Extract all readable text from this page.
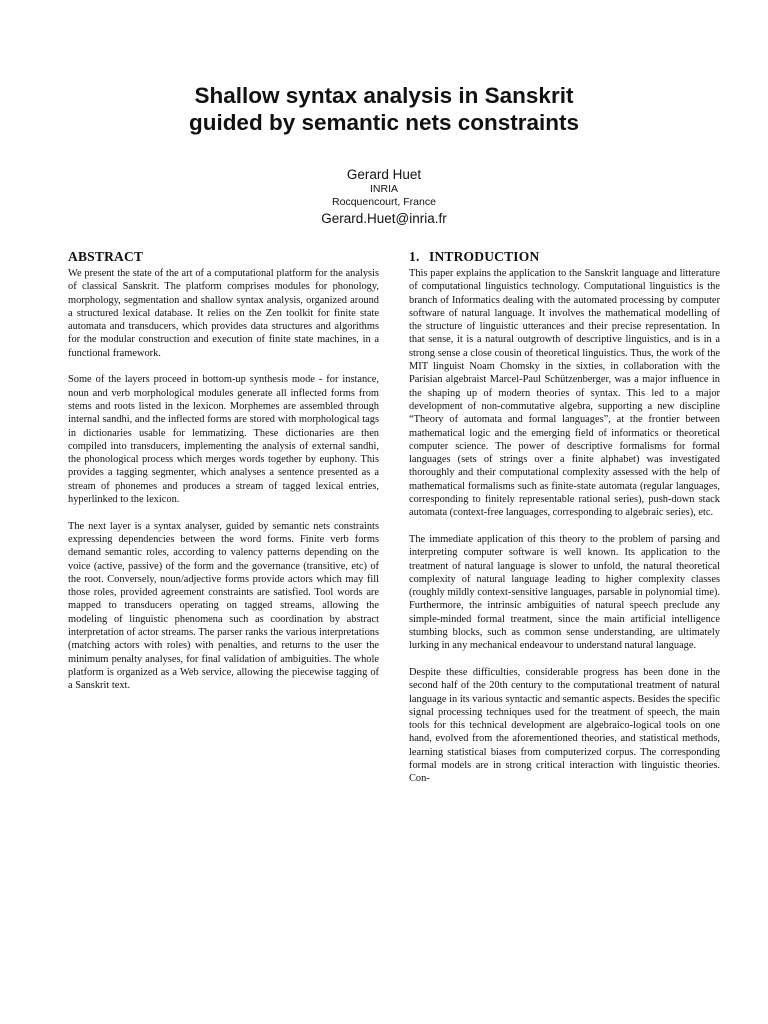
Shallow syntax analysis in Sanskrit
guided by semantic nets constraints
Gerard Huet
INRIA
Rocquencourt, France
Gerard.Huet@inria.fr
ABSTRACT

We present the state of the art of a computational platform for the analysis of classical Sanskrit. The platform comprises modules for phonology, morphology, segmentation and shallow syntax analysis, organized around a structured lexical database. It relies on the Zen toolkit for finite state automata and transducers, which provides data structures and algorithms for the modular construction and execution of finite state machines, in a functional framework.

Some of the layers proceed in bottom-up synthesis mode - for instance, noun and verb morphological modules generate all inflected forms from stems and roots listed in the lexicon. Morphemes are assembled through internal sandhi, and the inflected forms are stored with morphological tags in dictionaries usable for lemmatizing. These dictionaries are then compiled into transducers, implementing the analysis of external sandhi, the phonological process which merges words together by euphony. This provides a tagging segmenter, which analyses a sentence presented as a stream of phonemes and produces a stream of tagged lexical entries, hyperlinked to the lexicon.

The next layer is a syntax analyser, guided by semantic nets constraints expressing dependencies between the word forms. Finite verb forms demand semantic roles, according to valency patterns depending on the voice (active, passive) of the form and the governance (transitive, etc) of the root. Conversely, noun/adjective forms provide actors which may fill those roles, provided agreement constraints are satisfied. Tool words are mapped to transducers operating on tagged streams, allowing the modeling of linguistic phenomena such as coordination by abstract interpretation of actor streams. The parser ranks the various interpretations (matching actors with roles) with penalties, and returns to the user the minimum penalty analyses, for final validation of ambiguities. The whole platform is organized as a Web service, allowing the piecewise tagging of a Sanskrit text.

1. INTRODUCTION

This paper explains the application to the Sanskrit language and litterature of computational linguistics technology. Computational linguistics is the branch of Informatics dealing with the automated processing by computer software of natural language. It involves the mathematical modelling of the structure of linguistic utterances and their precise representation. In that sense, it is a natural outgrowth of descriptive linguistics, and is in a strong sense a close cousin of theoretical linguistics. Thus, the work of the MIT linguist Noam Chomsky in the sixties, in collaboration with the Parisian algebraist Marcel-Paul Schützenberger, was a major influence in the shaping up of modern theories of syntax. This led to a major development of non-commutative algebra, supporting a new discipline “Theory of automata and formal languages”, at the frontier between mathematical logic and the emerging field of informatics or theoretical computer science. The power of descriptive formalisms for formal languages (sets of strings over a finite alphabet) was investigated thoroughly and their computational complexity assessed with the help of mathematical formalisms such as finite-state automata (regular languages, corresponding to finitely representable rational series), push-down stack automata (context-free languages, corresponding to algebraic series), etc.

The immediate application of this theory to the problem of parsing and interpreting computer software is well known. Its application to the treatment of natural language is slower to unfold, the natural theoretical complexity of natural language leading to higher complexity classes (roughly mildly context-sensitive languages, parsable in polynomial time). Furthermore, the intrinsic ambiguities of natural speech preclude any simple-minded formal treatment, since the main artificial intelligence stumbing blocks, such as common sense understanding, are ultimately lurking in any mechanical endeavour to understand natural language.

Despite these difficulties, considerable progress has been done in the second half of the 20th century to the computational treatment of natural language in its various syntactic and semantic aspects. Besides the specific signal processing techniques used for the treatment of speech, the main tools for this technical development are algebraico-logical tools on one hand, evolved from the aforementioned theories, and statistical methods, learning statistical biases from computerized corpus. The corresponding formal models are in strong critical interaction with linguistic theories. Con-
